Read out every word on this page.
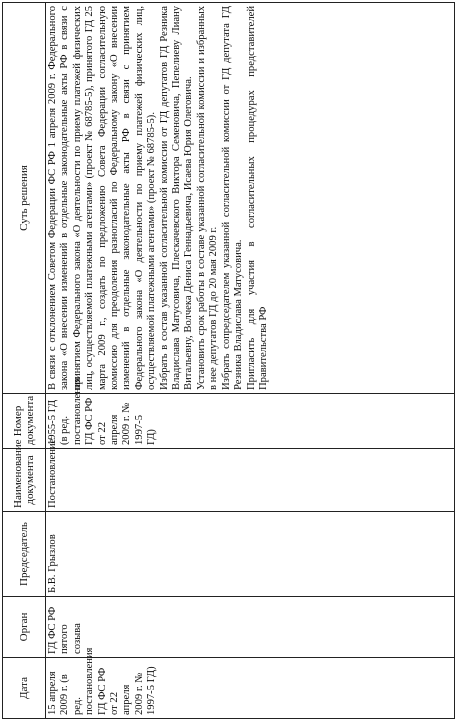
Дата	Орган	Председатель	Наименование документа	Номер документа	Суть решения
15 апреля 2009 г. (в ред. постановления ГД ФС РФ от 22 апреля 2009 г. № 1997-5 ГД)	ГД ФС РФ пятого созыва	Б.В. Грызлов	Постановление	1955-5 ГД (в ред. постановления ГД ФС РФ от 22 апреля 2009 г. № 1997-5 ГД)	В связи с отклонением Советом Федерации ФС РФ 1 апреля 2009 г. Федерального закона «О внесении изменений в отдельные законодательные акты РФ в связи с принятием Федерального закона «О деятельности по приему платежей физических лиц, осуществляемой платежными агентами» (проект № 68785-5), принятого ГД 25 марта 2009 г., создать по предложению Совета Федерации согласительную комиссию для преодоления разногласий по Федеральному закону «О внесении изменений в отдельные законодательные акты РФ в связи с принятием Федерального закона «О деятельности по приему платежей физических лиц, осуществляемой платежными агентами» (проект № 68785-5). Избрать в состав указанной согласительной комиссии от ГД депутатов ГД Резника Владислава Матусовича, Плескачевского Виктора Семеновича, Пепелиеву Лиану Витальевну, Волчека Дениса Геннадьевича, Исаева Юрия Олеговича. Установить срок работы в составе указанной согласительной комиссии и избранных в нее депутатов ГД до 20 мая 2009 г. Избрать сопредседателем указанной согласительной комиссии от ГД депутата ГД Резника Владислава Матусовича. Пригласить для участия в согласительных процедурах представителей Правительства РФ
